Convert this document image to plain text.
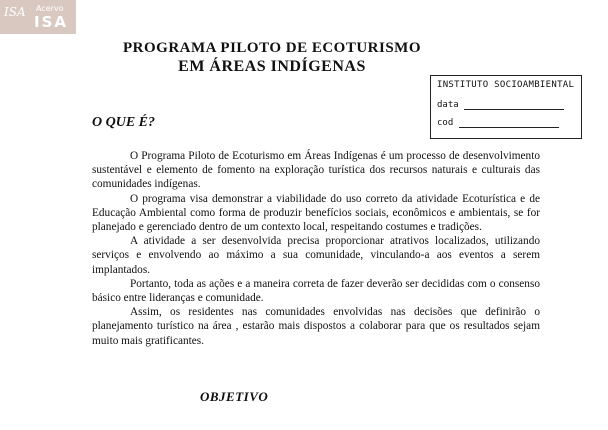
ISA Acervo
ISA
PROGRAMA PILOTO DE ECOTURISMO
EM ÁREAS INDÍGENAS
INSTITUTO SOCIOAMBIENTAL
data
cod
O QUE É?

O Programa Piloto de Ecoturismo em Áreas Indígenas é um processo de desenvolvimento sustentável e elemento de fomento na exploração turística dos recursos naturais e culturais das comunidades indígenas.

O programa visa demonstrar a viabilidade do uso correto da atividade Ecoturística e de Educação Ambiental como forma de produzir benefícios sociais, econômicos e ambientais, se for planejado e gerenciado dentro de um contexto local, respeitando costumes e tradições.

A atividade a ser desenvolvida precisa proporcionar atrativos localizados, utilizando serviços e envolvendo ao máximo a sua comunidade, vinculando-a aos eventos a serem implantados.

Portanto, toda as ações e a maneira correta de fazer deverão ser decididas com o consenso básico entre lideranças e comunidade.

Assim, os residentes nas comunidades envolvidas nas decisões que definirão o planejamento turístico na área , estarão mais dispostos a colaborar para que os resultados sejam muito mais gratificantes.

OBJETIVO
